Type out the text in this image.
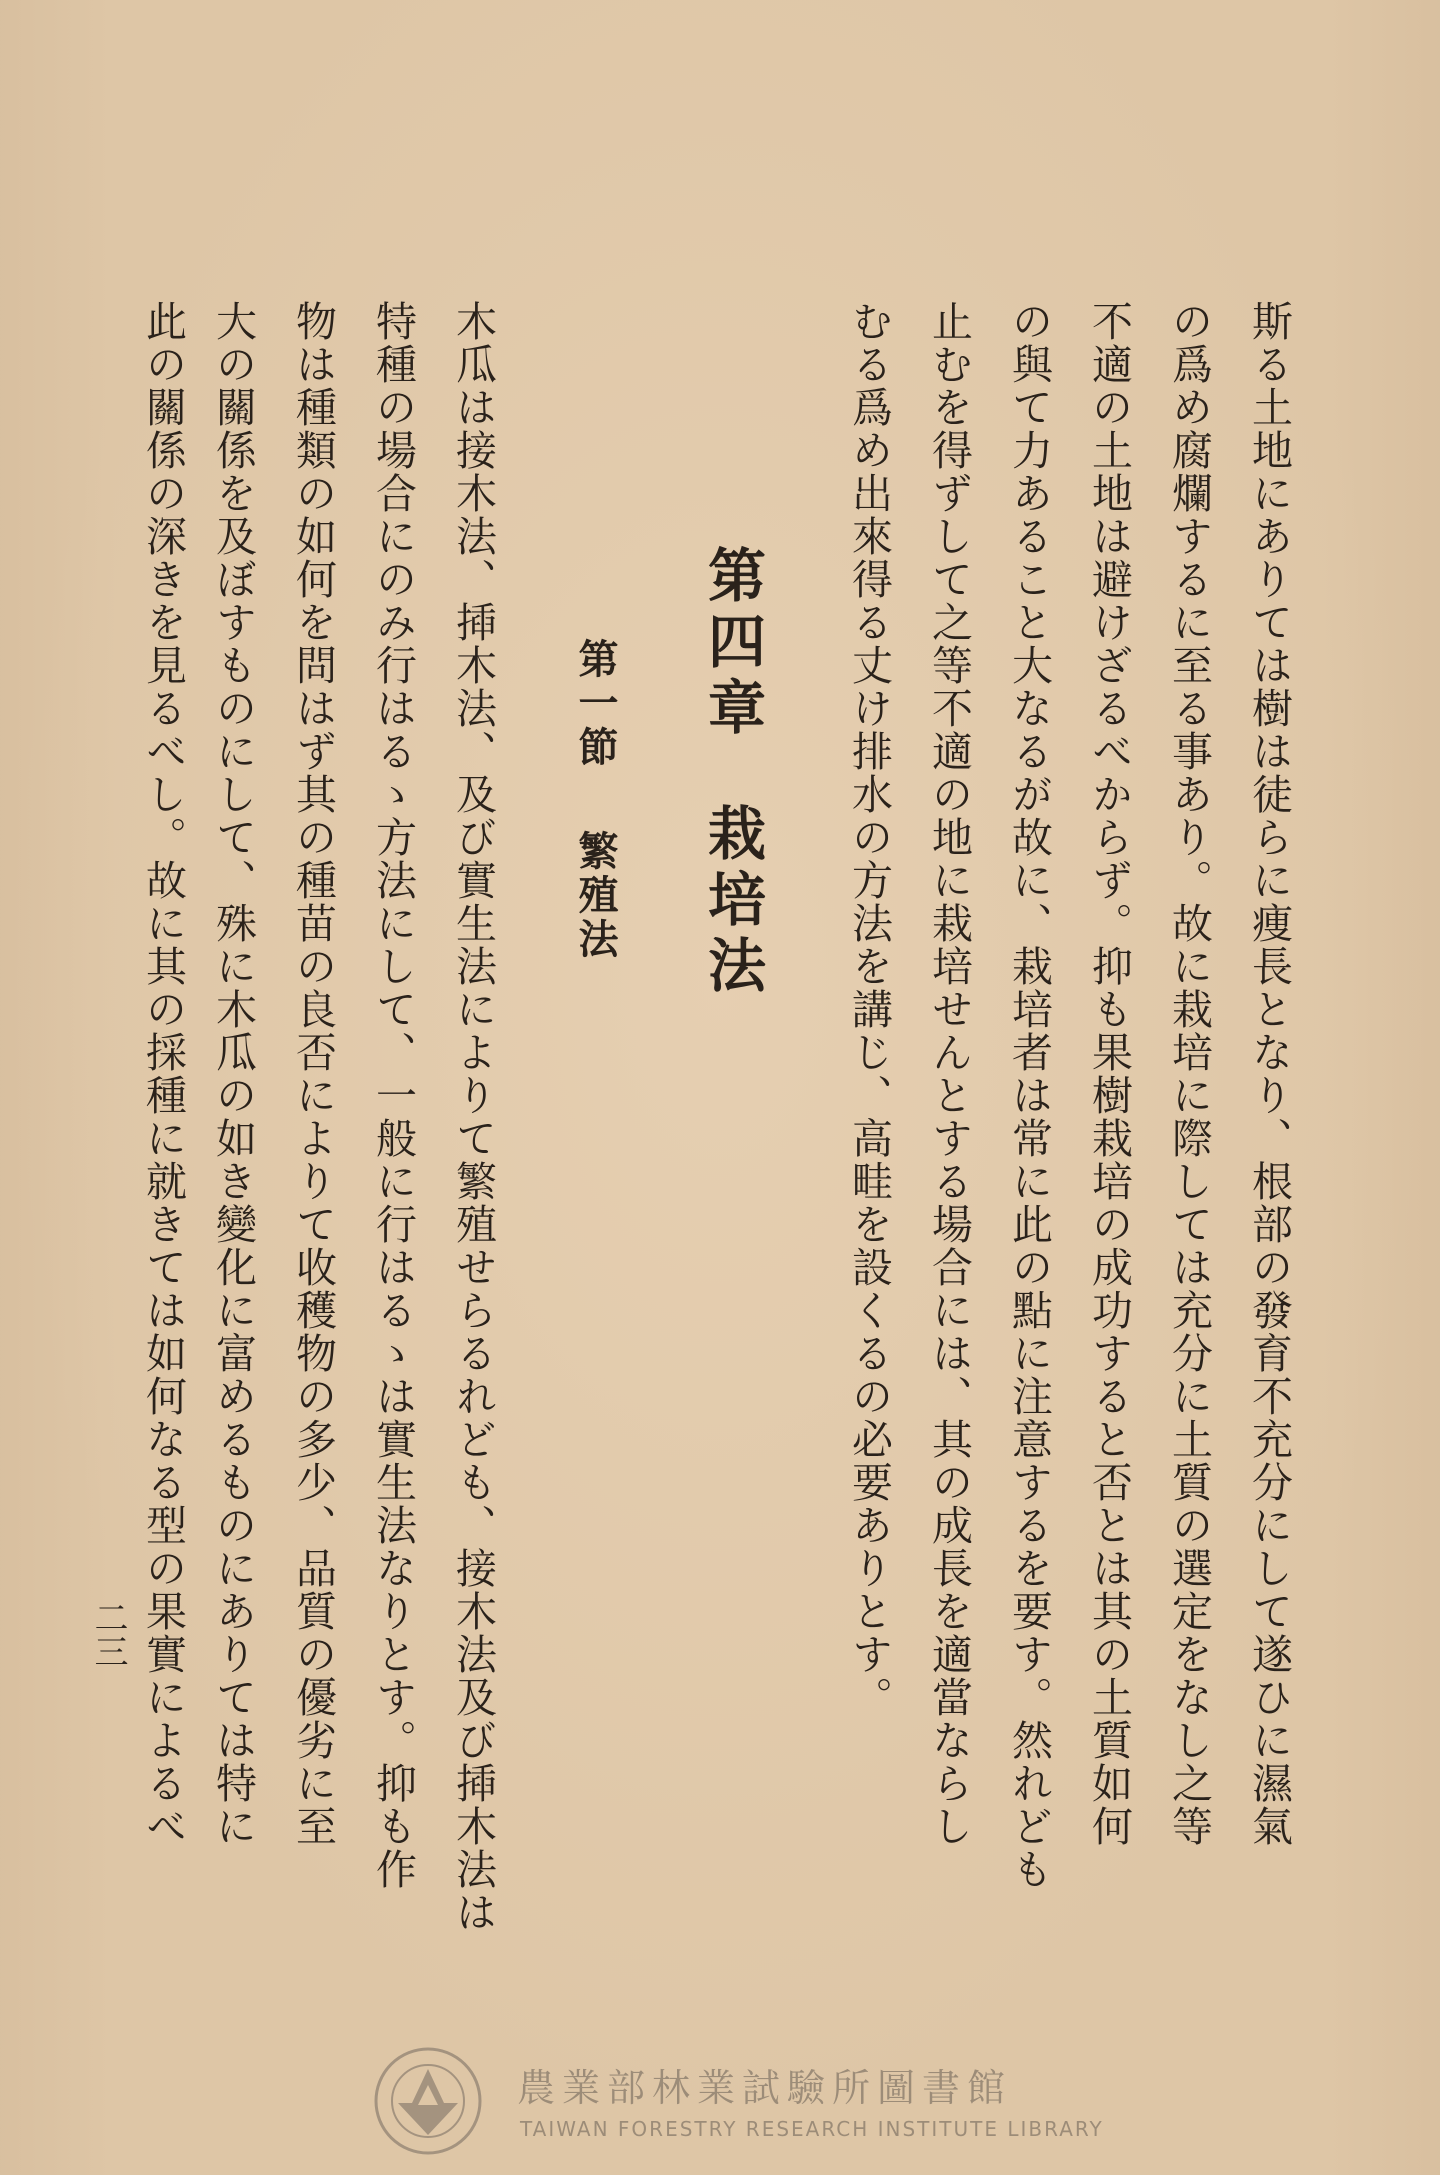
斯る土地にありては樹は徒らに痩長となり、根部の發育不充分にして遂ひに濕氣
の爲め腐爛するに至る事あり。故に栽培に際しては充分に土質の選定をなし之等
不適の土地は避けざるべからず。抑も果樹栽培の成功すると否とは其の土質如何
の與て力あること大なるが故に、栽培者は常に此の點に注意するを要す。然れども
止むを得ずして之等不適の地に栽培せんとする場合には、其の成長を適當ならし
むる爲め出來得る丈け排水の方法を講じ、高畦を設くるの必要ありとす。
第四章栽培法
第一節繁殖法
木瓜は接木法、揷木法、及び實生法によりて繁殖せらるれども、接木法及び揷木法は
特種の場合にのみ行はるゝ方法にして、一般に行はるゝは實生法なりとす。抑も作
物は種類の如何を問はず其の種苗の良否によりて收穫物の多少、品質の優劣に至
大の關係を及ぼすものにして、殊に木瓜の如き變化に富めるものにありては特に
此の關係の深きを見るべし。故に其の採種に就きては如何なる型の果實によるべ
二三
農業部林業試驗所圖書館
TAIWAN FORESTRY RESEARCH INSTITUTE LIBRARY
